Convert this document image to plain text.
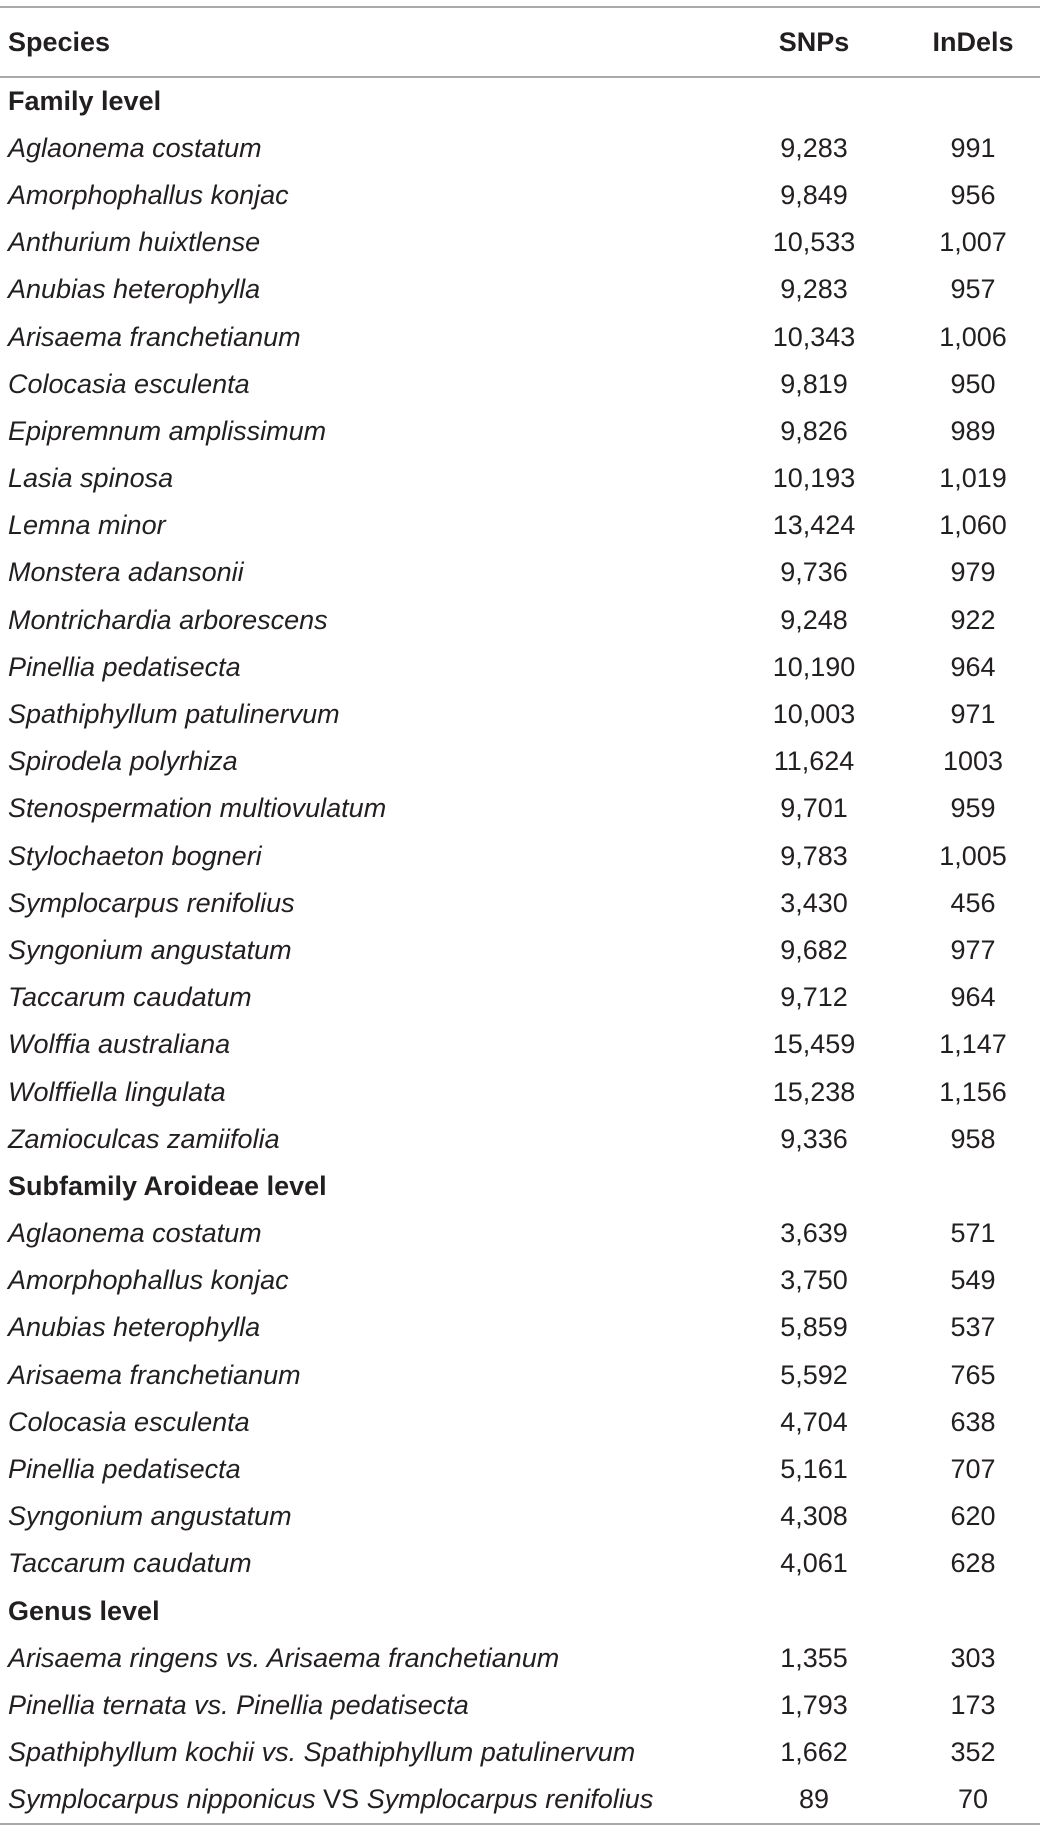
Species	SNPs	InDels
Family level
Aglaonema costatum	9,283	991
Amorphophallus konjac	9,849	956
Anthurium huixtlense	10,533	1,007
Anubias heterophylla	9,283	957
Arisaema franchetianum	10,343	1,006
Colocasia esculenta	9,819	950
Epipremnum amplissimum	9,826	989
Lasia spinosa	10,193	1,019
Lemna minor	13,424	1,060
Monstera adansonii	9,736	979
Montrichardia arborescens	9,248	922
Pinellia pedatisecta	10,190	964
Spathiphyllum patulinervum	10,003	971
Spirodela polyrhiza	11,624	1003
Stenospermation multiovulatum	9,701	959
Stylochaeton bogneri	9,783	1,005
Symplocarpus renifolius	3,430	456
Syngonium angustatum	9,682	977
Taccarum caudatum	9,712	964
Wolffia australiana	15,459	1,147
Wolffiella lingulata	15,238	1,156
Zamioculcas zamiifolia	9,336	958
Subfamily Aroideae level
Aglaonema costatum	3,639	571
Amorphophallus konjac	3,750	549
Anubias heterophylla	5,859	537
Arisaema franchetianum	5,592	765
Colocasia esculenta	4,704	638
Pinellia pedatisecta	5,161	707
Syngonium angustatum	4,308	620
Taccarum caudatum	4,061	628
Genus level
Arisaema ringens vs. Arisaema franchetianum	1,355	303
Pinellia ternata vs. Pinellia pedatisecta	1,793	173
Spathiphyllum kochii vs. Spathiphyllum patulinervum	1,662	352
Symplocarpus nipponicus VS Symplocarpus renifolius	89	70
